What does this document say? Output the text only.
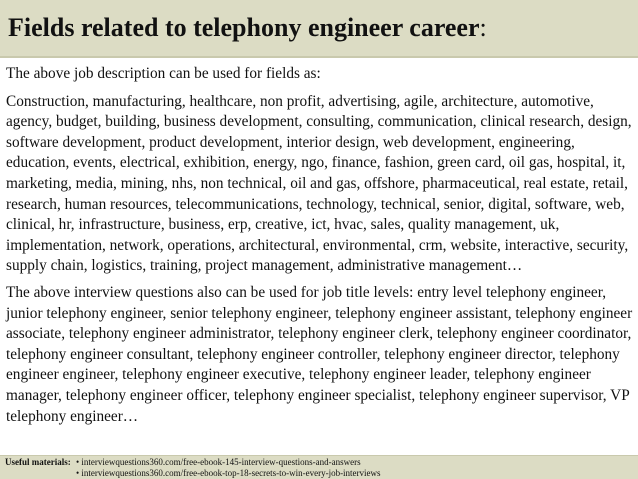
Fields related to telephony engineer career:

The above job description can be used for fields as:

Construction, manufacturing, healthcare, non profit, advertising, agile, architecture, automotive, agency, budget, building, business development, consulting, communication, clinical research, design, software development, product development, interior design, web development, engineering, education, events, electrical, exhibition, energy, ngo, finance, fashion, green card, oil gas, hospital, it, marketing, media, mining, nhs, non technical, oil and gas, offshore, pharmaceutical, real estate, retail, research, human resources, telecommunications, technology, technical, senior, digital, software, web, clinical, hr, infrastructure, business, erp, creative, ict, hvac, sales, quality management, uk, implementation, network, operations, architectural, environmental, crm, website, interactive, security, supply chain, logistics, training, project management, administrative management…

The above interview questions also can be used for job title levels: entry level telephony engineer, junior telephony engineer, senior telephony engineer, telephony engineer assistant, telephony engineer associate, telephony engineer administrator, telephony engineer clerk, telephony engineer coordinator, telephony engineer consultant, telephony engineer controller, telephony engineer director, telephony engineer engineer, telephony engineer executive, telephony engineer leader, telephony engineer manager, telephony engineer officer, telephony engineer specialist, telephony engineer supervisor, VP telephony engineer…

Useful materials: • interviewquestions360.com/free-ebook-145-interview-questions-and-answers
• interviewquestions360.com/free-ebook-top-18-secrets-to-win-every-job-interviews
